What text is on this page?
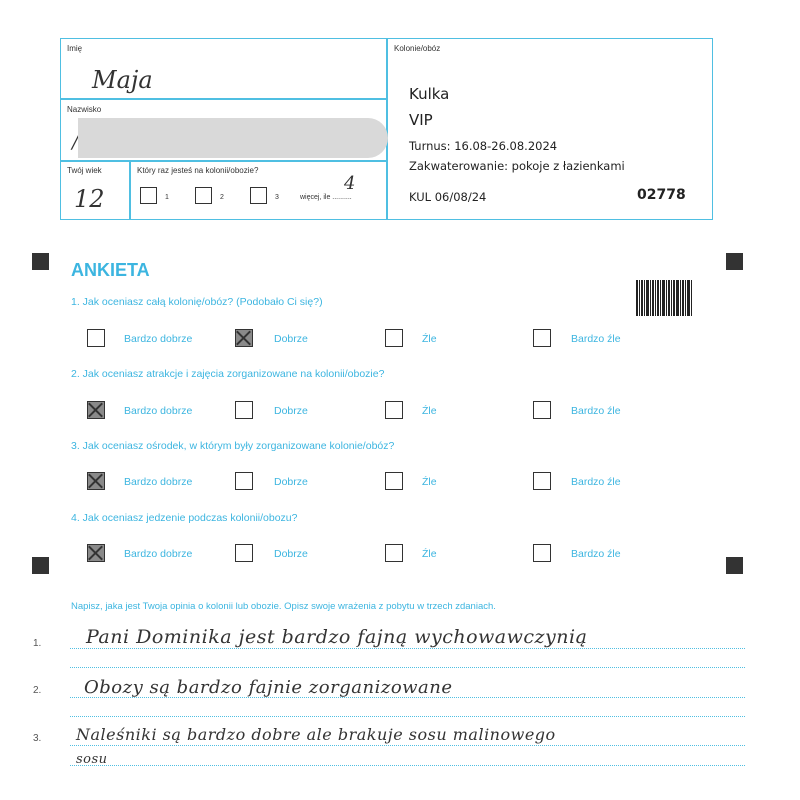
Imię
Maja
Nazwisko
/
Twój wiek
12
Który raz jesteś na kolonii/obozie?
1	2	3	więcej, ile ..........
4
Kolonie/obóz
Kulka
VIP
Turnus: 16.08-26.08.2024
Zakwaterowanie: pokoje z łazienkami
KUL 06/08/24	02778
ANKIETA
1. Jak oceniasz całą kolonię/obóz? (Podobało Ci się?)
Bardzo dobrze	Dobrze	Źle	Bardzo źle
2. Jak oceniasz atrakcje i zajęcia zorganizowane na kolonii/obozie?
Bardzo dobrze	Dobrze	Źle	Bardzo źle
3. Jak oceniasz ośrodek, w którym były zorganizowane kolonie/obóz?
Bardzo dobrze	Dobrze	Źle	Bardzo źle
4. Jak oceniasz jedzenie podczas kolonii/obozu?
Bardzo dobrze	Dobrze	Źle	Bardzo źle
Napisz, jaka jest Twoja opinia o kolonii lub obozie. Opisz swoje wrażenia z pobytu w trzech zdaniach.
1. Pani Dominika jest bardzo fajną wychowawczynią
2. Obozy są bardzo fajnie zorganizowane
3. Naleśniki są bardzo dobre ale brakuje sosu malinowego
sosu
